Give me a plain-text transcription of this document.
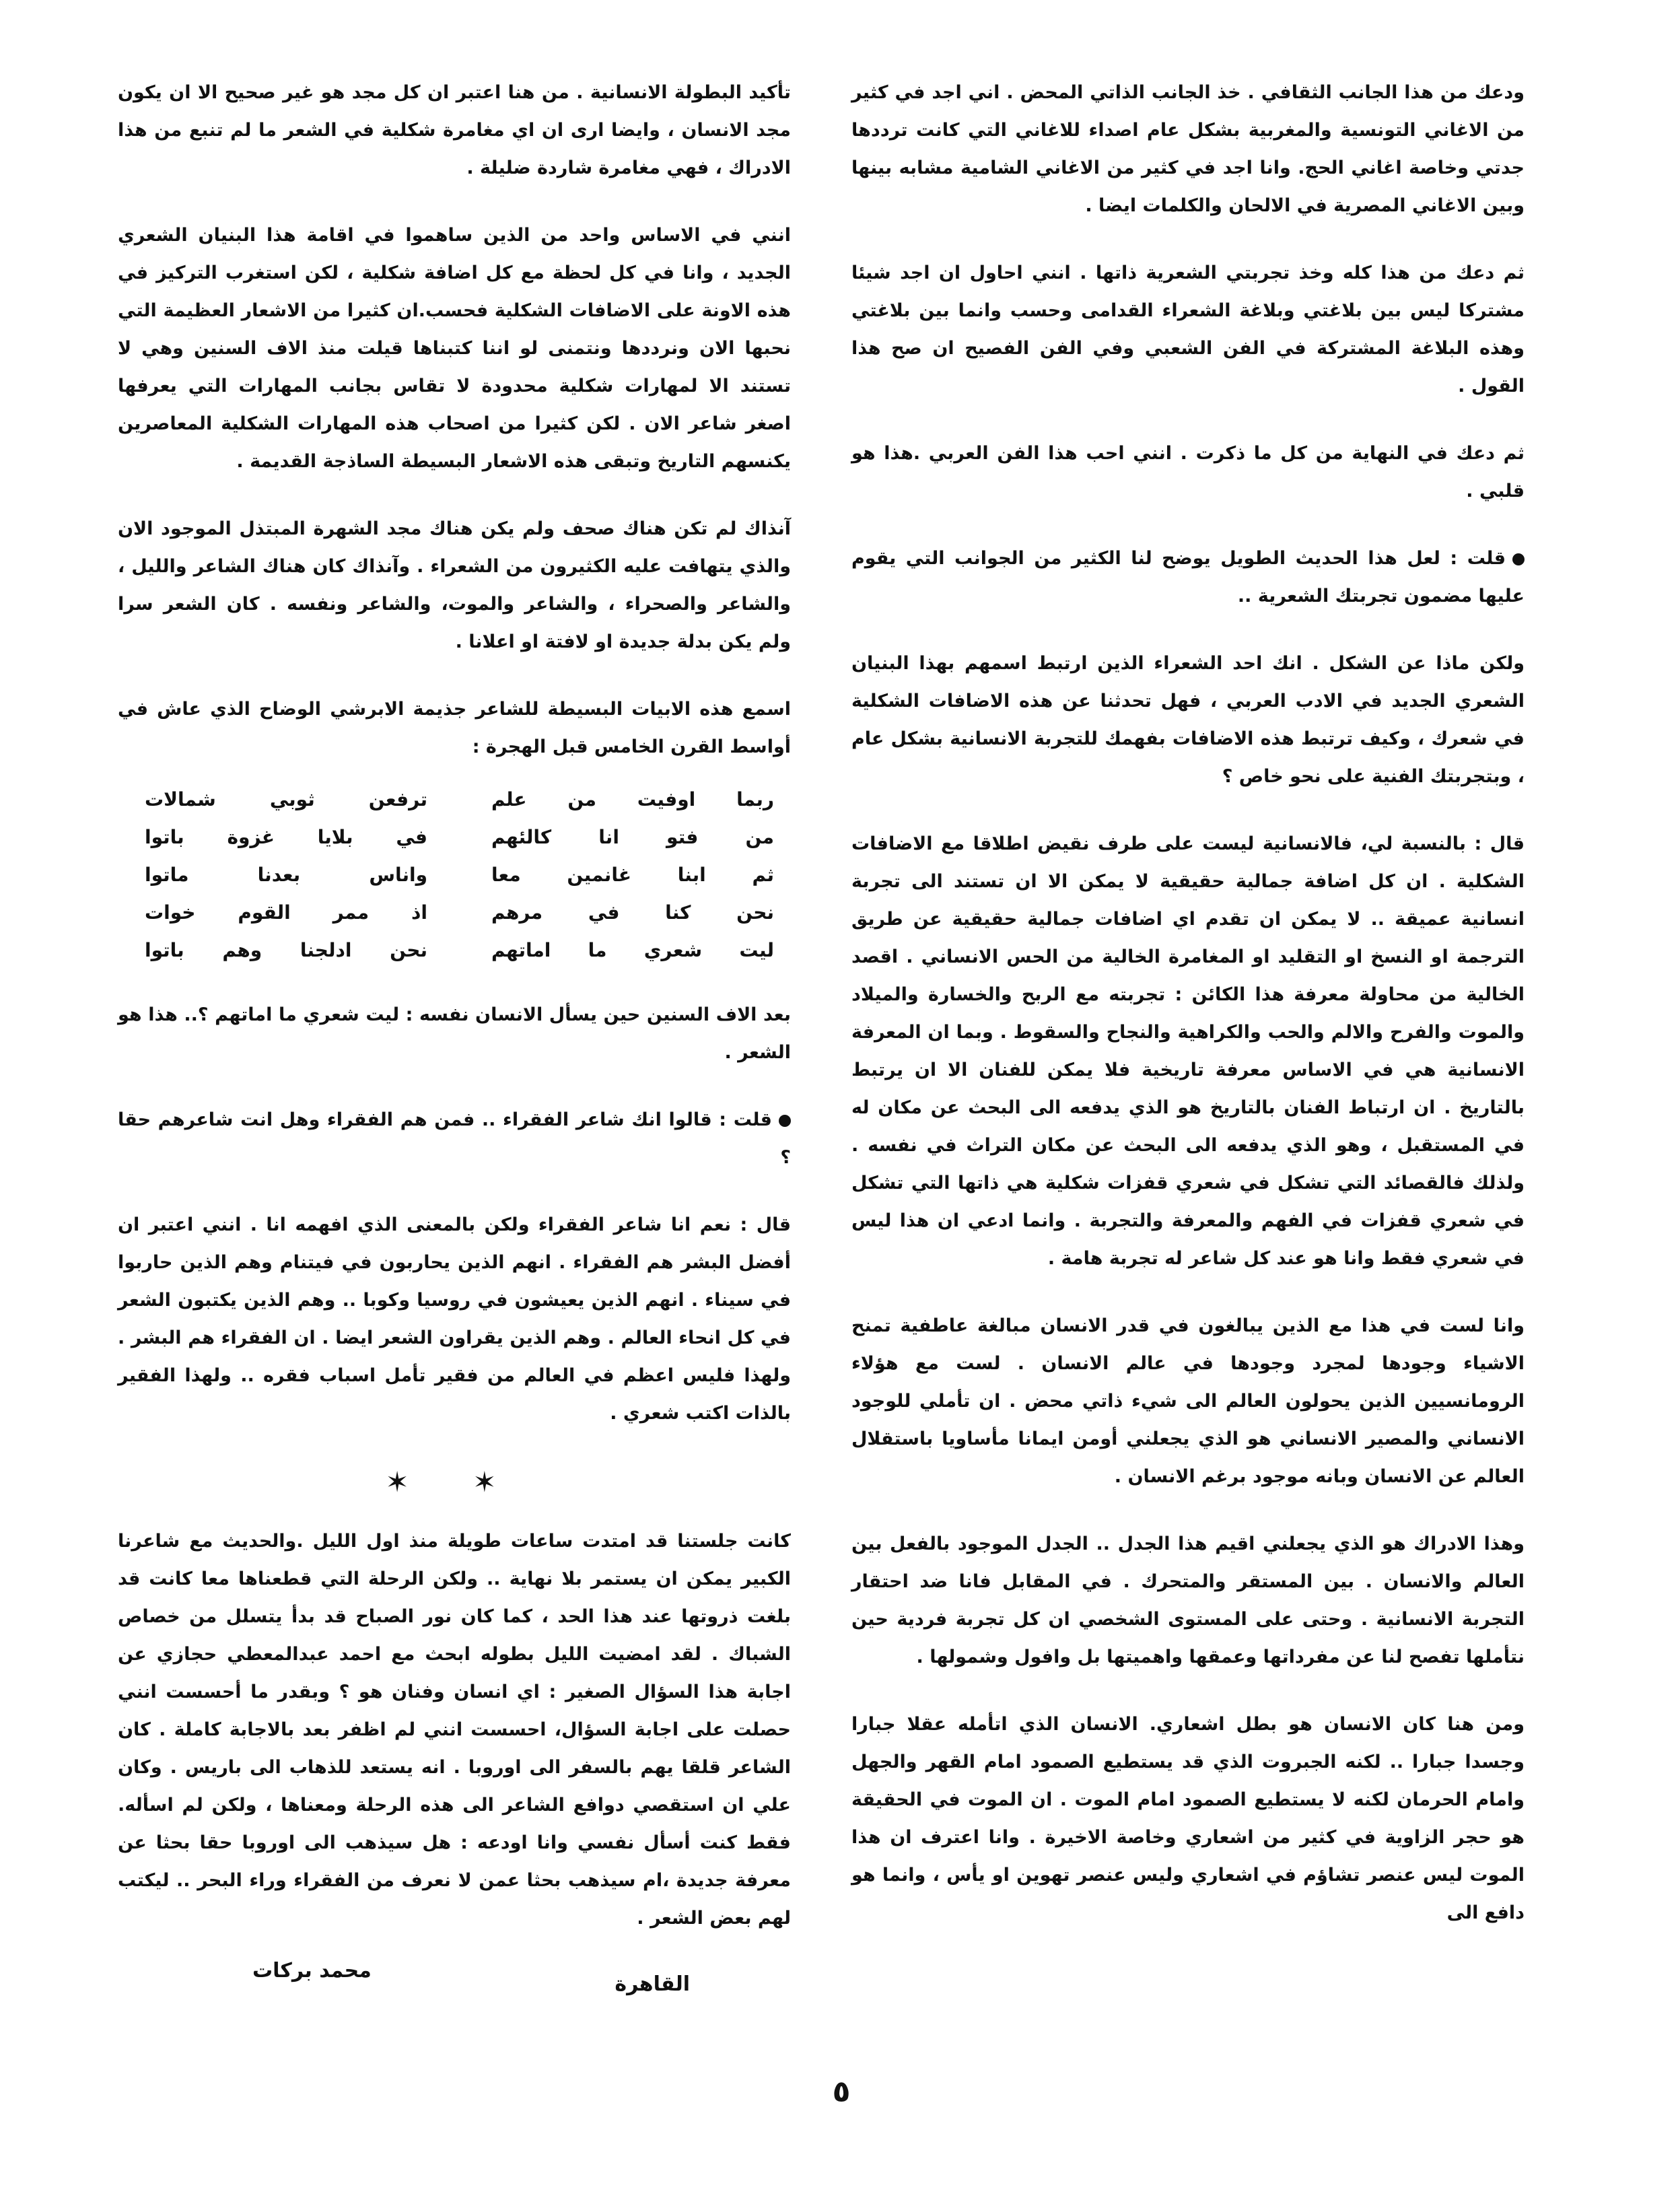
ودعك من هذا الجانب الثقافي . خذ الجانب الذاتي المحض . اني اجد في كثير من الاغاني التونسية والمغربية بشكل عام اصداء للاغاني التي كانت ترددها جدتي وخاصة اغاني الحج. وانا اجد في كثير من الاغاني الشامية مشابه بينها وبين الاغاني المصرية في الالحان والكلمات ايضا .

ثم دعك من هذا كله وخذ تجربتي الشعرية ذاتها . انني احاول ان اجد شيئا مشتركا ليس بين بلاغتي وبلاغة الشعراء القدامى وحسب وانما بين بلاغتي وهذه البلاغة المشتركة في الفن الشعبي وفي الفن الفصيح ان صح هذا القول .

ثم دعك في النهاية من كل ما ذكرت . انني احب هذا الفن العربي .هذا هو قلبي .

قلت : لعل هذا الحديث الطويل يوضح لنا الكثير من الجوانب التي يقوم عليها مضمون تجربتك الشعرية ..

ولكن ماذا عن الشكل . انك احد الشعراء الذين ارتبط اسمهم بهذا البنيان الشعري الجديد في الادب العربي ، فهل تحدثنا عن هذه الاضافات الشكلية في شعرك ، وكيف ترتبط هذه الاضافات بفهمك للتجربة الانسانية بشكل عام ، وبتجربتك الفنية على نحو خاص ؟

قال : بالنسبة لي، فالانسانية ليست على طرف نقيض اطلاقا مع الاضافات الشكلية . ان كل اضافة جمالية حقيقية لا يمكن الا ان تستند الى تجربة انسانية عميقة .. لا يمكن ان تقدم اي اضافات جمالية حقيقية عن طريق الترجمة او النسخ او التقليد او المغامرة الخالية من الحس الانساني . اقصد الخالية من محاولة معرفة هذا الكائن : تجربته مع الربح والخسارة والميلاد والموت والفرح والالم والحب والكراهية والنجاح والسقوط . وبما ان المعرفة الانسانية هي في الاساس معرفة تاريخية فلا يمكن للفنان الا ان يرتبط بالتاريخ . ان ارتباط الفنان بالتاريخ هو الذي يدفعه الى البحث عن مكان له في المستقبل ، وهو الذي يدفعه الى البحث عن مكان التراث في نفسه . ولذلك فالقصائد التي تشكل في شعري قفزات شكلية هي ذاتها التي تشكل في شعري قفزات في الفهم والمعرفة والتجربة . وانما ادعي ان هذا ليس في شعري فقط وانا هو عند كل شاعر له تجربة هامة .

وانا لست في هذا مع الذين يبالغون في قدر الانسان مبالغة عاطفية تمنح الاشياء وجودها لمجرد وجودها في عالم الانسان . لست مع هؤلاء الرومانسيين الذين يحولون العالم الى شيء ذاتي محض . ان تأملي للوجود الانساني والمصير الانساني هو الذي يجعلني أومن ايمانا مأساويا باستقلال العالم عن الانسان وبانه موجود برغم الانسان .

وهذا الادراك هو الذي يجعلني اقيم هذا الجدل .. الجدل الموجود بالفعل بين العالم والانسان . بين المستقر والمتحرك . في المقابل فانا ضد احتقار التجربة الانسانية . وحتى على المستوى الشخصي ان كل تجربة فردية حين نتأملها تفصح لنا عن مفرداتها وعمقها واهميتها بل وافول وشمولها .

ومن هنا كان الانسان هو بطل اشعاري. الانسان الذي اتأمله عقلا جبارا وجسدا جبارا .. لكنه الجبروت الذي قد يستطيع الصمود امام القهر والجهل وامام الحرمان لكنه لا يستطيع الصمود امام الموت . ان الموت في الحقيقة هو حجر الزاوية في كثير من اشعاري وخاصة الاخيرة . وانا اعترف ان هذا الموت ليس عنصر تشاؤم في اشعاري وليس عنصر تهوين او يأس ، وانما هو دافع الى

تأكيد البطولة الانسانية . من هنا اعتبر ان كل مجد هو غير صحيح الا ان يكون مجد الانسان ، وايضا ارى ان اي مغامرة شكلية في الشعر ما لم تنبع من هذا الادراك ، فهي مغامرة شاردة ضليلة .

انني في الاساس واحد من الذين ساهموا في اقامة هذا البنيان الشعري الجديد ، وانا في كل لحظة مع كل اضافة شكلية ، لكن استغرب التركيز في هذه الاونة على الاضافات الشكلية فحسب.ان كثيرا من الاشعار العظيمة التي نحبها الان ونرددها ونتمنى لو اننا كتبناها قيلت منذ الاف السنين وهي لا تستند الا لمهارات شكلية محدودة لا تقاس بجانب المهارات التي يعرفها اصغر شاعر الان . لكن كثيرا من اصحاب هذه المهارات الشكلية المعاصرين يكنسهم التاريخ وتبقى هذه الاشعار البسيطة الساذجة القديمة .

آنذاك لم تكن هناك صحف ولم يكن هناك مجد الشهرة المبتذل الموجود الان والذي يتهافت عليه الكثيرون من الشعراء . وآنذاك كان هناك الشاعر والليل ، والشاعر والصحراء ، والشاعر والموت، والشاعر ونفسه . كان الشعر سرا ولم يكن بدلة جديدة او لافتة او اعلانا .

اسمع هذه الابيات البسيطة للشاعر جذيمة الابرشي الوضاح الذي عاش في أواسط القرن الخامس قبل الهجرة :

ربما اوفيت من علم
ترفعن ثوبي شمالات
من فتو انا كالئهم
في بلايا غزوة باتوا
ثم ابنا غانمين معا
واناس بعدنا ماتوا
نحن كنا في مرهم
اذ ممر القوم خوات
ليت شعري ما اماتهم
نحن ادلجنا وهم باتوا

بعد الاف السنين حين يسأل الانسان نفسه : ليت شعري ما اماتهم ؟.. هذا هو الشعر .

قلت : قالوا انك شاعر الفقراء .. فمن هم الفقراء وهل انت شاعرهم حقا ؟

قال : نعم انا شاعر الفقراء ولكن بالمعنى الذي افهمه انا . انني اعتبر ان أفضل البشر هم الفقراء . انهم الذين يحاربون في فيتنام وهم الذين حاربوا في سيناء . انهم الذين يعيشون في روسيا وكوبا .. وهم الذين يكتبون الشعر في كل انحاء العالم . وهم الذين يقراون الشعر ايضا . ان الفقراء هم البشر . ولهذا فليس اعظم في العالم من فقير تأمل اسباب فقره .. ولهذا الفقير بالذات اكتب شعري .

✶ ✶

كانت جلستنا قد امتدت ساعات طويلة منذ اول الليل .والحديث مع شاعرنا الكبير يمكن ان يستمر بلا نهاية .. ولكن الرحلة التي قطعناها معا كانت قد بلغت ذروتها عند هذا الحد ، كما كان نور الصباح قد بدأ يتسلل من خصاص الشباك . لقد امضيت الليل بطوله ابحث مع احمد عبدالمعطي حجازي عن اجابة هذا السؤال الصغير : اي انسان وفنان هو ؟ وبقدر ما أحسست انني حصلت على اجابة السؤال، احسست انني لم اظفر بعد بالاجابة كاملة . كان الشاعر قلقا يهم بالسفر الى اوروبا . انه يستعد للذهاب الى باريس . وكان علي ان استقصي دوافع الشاعر الى هذه الرحلة ومعناها ، ولكن لم اسأله. فقط كنت أسأل نفسي وانا اودعه : هل سيذهب الى اوروبا حقا بحثا عن معرفة جديدة ،ام سيذهب بحثا عمن لا نعرف من الفقراء وراء البحر .. ليكتب لهم بعض الشعر .

القاهرة
محمد بركات
٥
